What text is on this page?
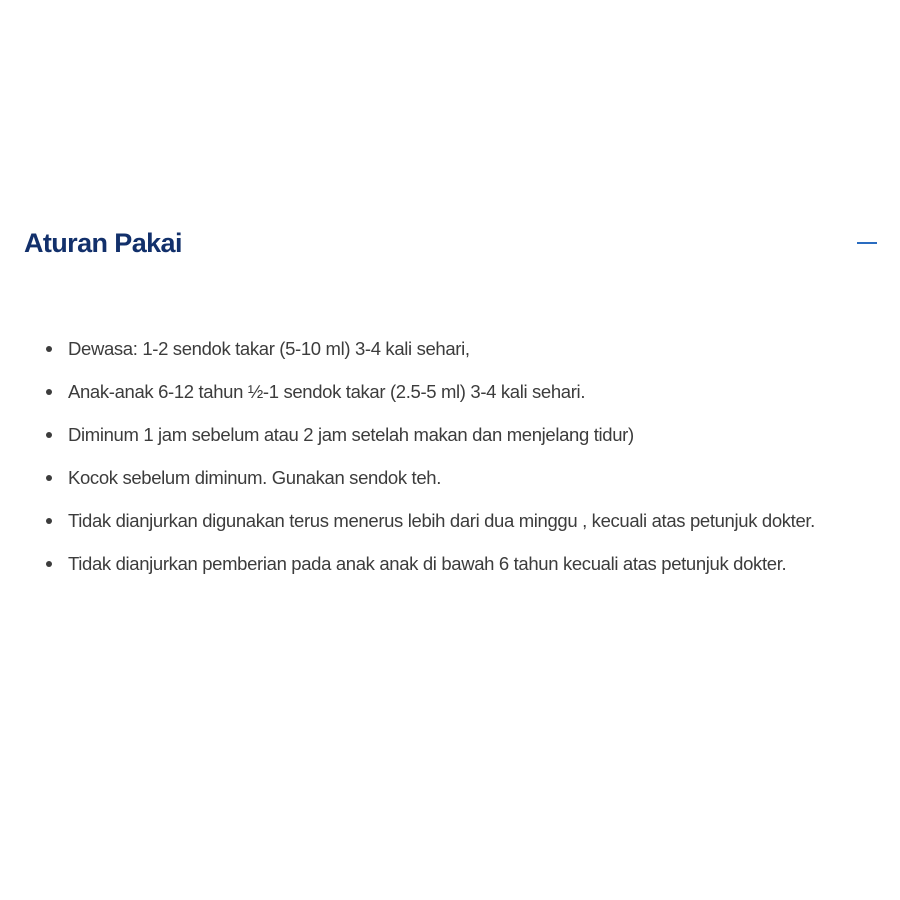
Aturan Pakai
Dewasa: 1-2 sendok takar (5-10 ml) 3-4 kali sehari,
Anak-anak 6-12 tahun ½-1 sendok takar (2.5-5 ml) 3-4 kali sehari.
Diminum 1 jam sebelum atau 2 jam setelah makan dan menjelang tidur)
Kocok sebelum diminum. Gunakan sendok teh.
Tidak dianjurkan digunakan terus menerus lebih dari dua minggu , kecuali atas petunjuk dokter.
Tidak dianjurkan pemberian pada anak anak di bawah 6 tahun kecuali atas petunjuk dokter.
